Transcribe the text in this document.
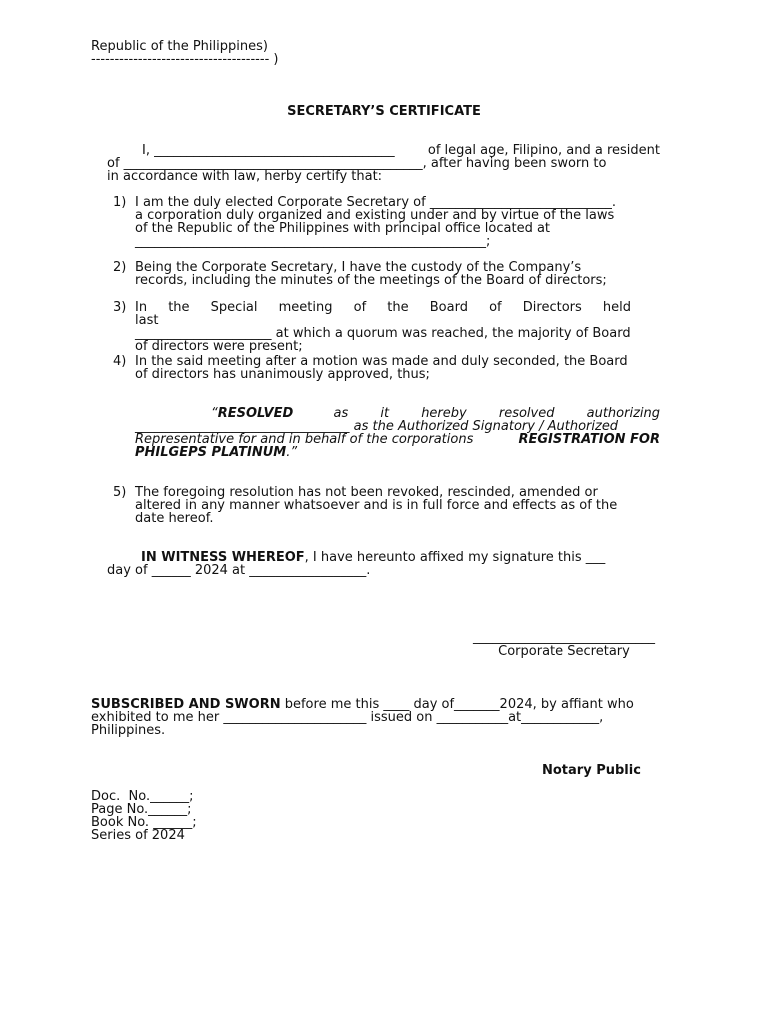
Republic of the Philippines)
-------------------------------------- )
SECRETARY’S CERTIFICATE
I, _____________________________________	of legal age, Filipino, and a resident
of ______________________________________________, after having been sworn to
in accordance with law, herby certify that:
1) I am the duly elected Corporate Secretary of ____________________________.
a corporation duly organized and existing under and by virtue of the laws
of the Republic of the Philippines with principal office located at
______________________________________________________;
2) Being the Corporate Secretary, I have the custody of the Company’s
records, including the minutes of the meetings of the Board of directors;
3) In the Special meeting of the Board of Directors held last
_____________________ at which a quorum was reached, the majority of Board
of directors were present;
4) In the said meeting after a motion was made and duly seconded, the Board
of directors has unanimously approved, thus;
“RESOLVED	as it hereby resolved authorizing
_________________________________ as the Authorized Signatory / Authorized
Representative for and in behalf of the corporations	REGISTRATION FOR
PHILGEPS PLATINUM.”
5) The foregoing resolution has not been revoked, rescinded, amended or
altered in any manner whatsoever and is in full force and effects as of the
date hereof.
IN WITNESS WHEREOF, I have hereunto affixed my signature this ___
day of ______ 2024 at __________________.
____________________________
Corporate Secretary
SUBSCRIBED AND SWORN before me this ____ day of_______2024, by affiant who
exhibited to me her ______________________ issued on ___________at____________,
Philippines.
Notary Public
Doc.  No.______;
Page No.______;
Book No. ______;
Series of 2024
